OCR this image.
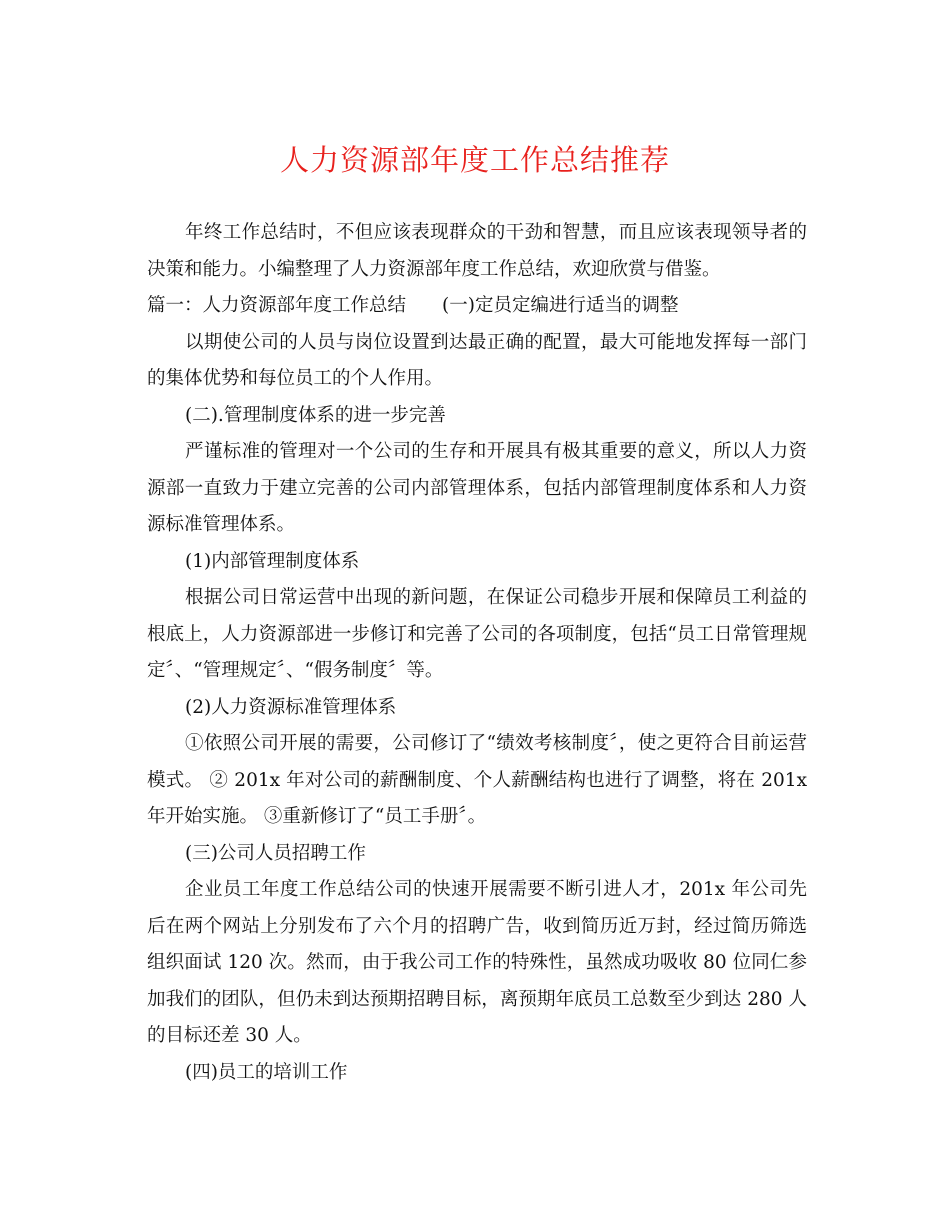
人力资源部年度工作总结推荐

年终工作总结时，不但应该表现群众的干劲和智慧，而且应该表现领导者的决策和能力。小编整理了人力资源部年度工作总结，欢迎欣赏与借鉴。

篇一：人力资源部年度工作总结 (一)定员定编进行适当的调整

以期使公司的人员与岗位设置到达最正确的配置，最大可能地发挥每一部门的集体优势和每位员工的个人作用。

(二).管理制度体系的进一步完善

严谨标准的管理对一个公司的生存和开展具有极其重要的意义，所以人力资源部一直致力于建立完善的公司内部管理体系，包括内部管理制度体系和人力资源标准管理体系。

(1)内部管理制度体系

根据公司日常运营中出现的新问题，在保证公司稳步开展和保障员工利益的根底上，人力资源部进一步修订和完善了公司的各项制度，包括“员工日常管理规定〞、“管理规定〞、“假务制度〞等。

(2)人力资源标准管理体系

①依照公司开展的需要，公司修订了“绩效考核制度〞，使之更符合目前运营模式。 ② 201x 年对公司的薪酬制度、个人薪酬结构也进行了调整，将在 201x 年开始实施。 ③重新修订了“员工手册〞。

(三)公司人员招聘工作

企业员工年度工作总结公司的快速开展需要不断引进人才，201x 年公司先后在两个网站上分别发布了六个月的招聘广告，收到简历近万封，经过简历筛选组织面试 120 次。然而，由于我公司工作的特殊性，虽然成功吸收 80 位同仁参加我们的团队，但仍未到达预期招聘目标，离预期年底员工总数至少到达 280 人的目标还差 30 人。

(四)员工的培训工作
